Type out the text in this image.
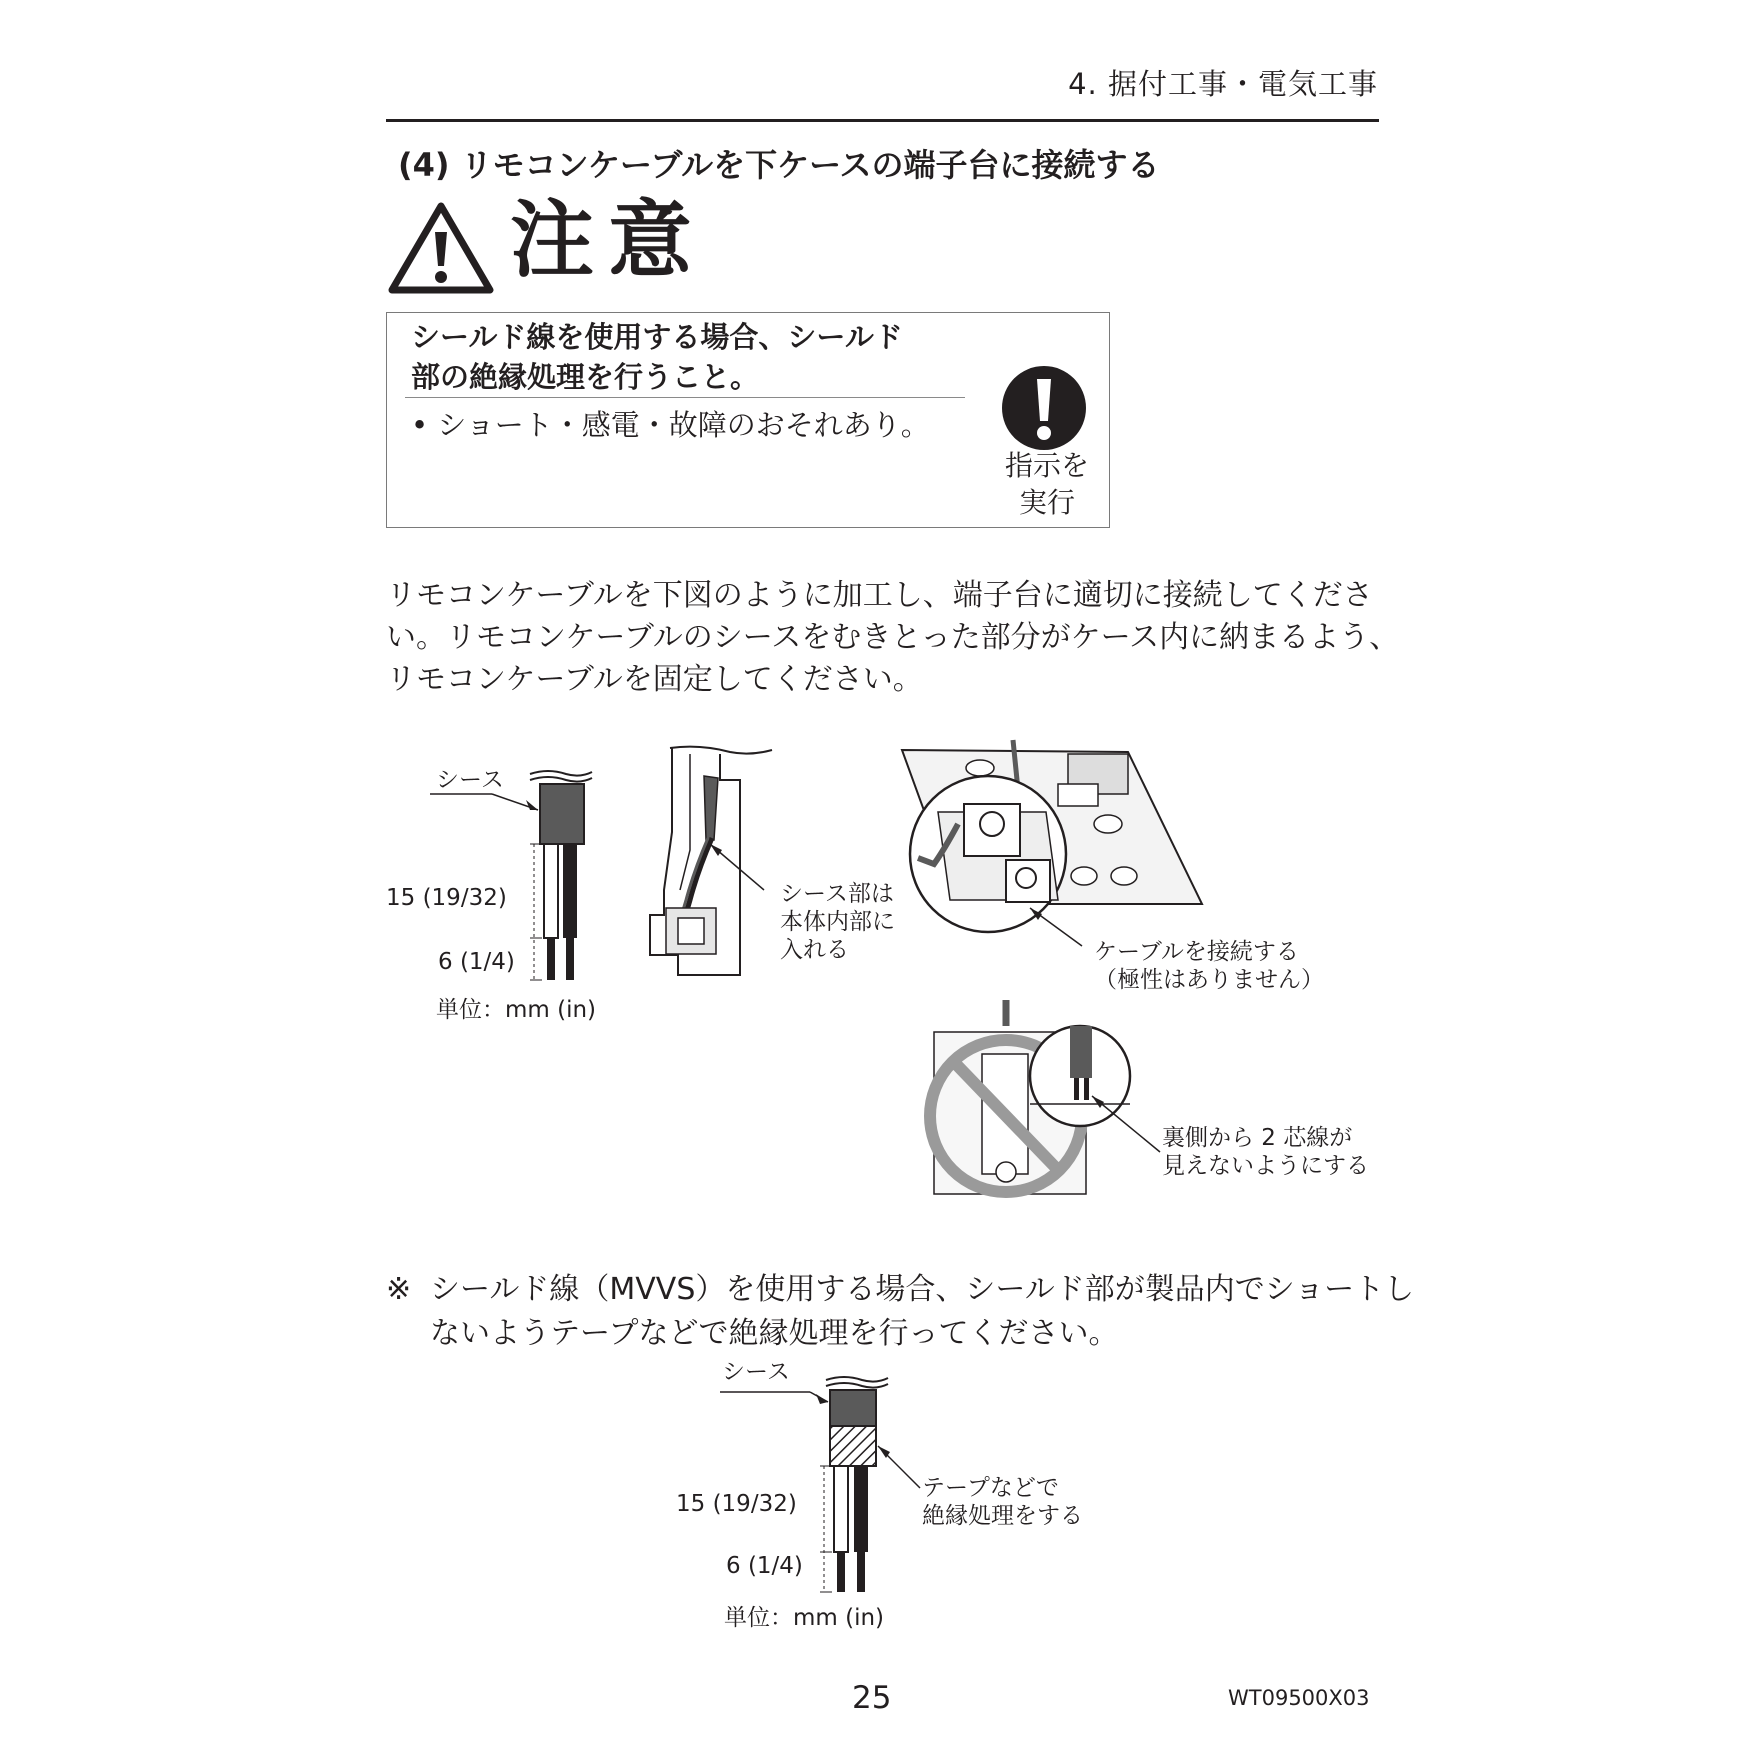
4. 据付工事・電気工事
(4) リモコンケーブルを下ケースの端子台に接続する
注意
シールド線を使用する場合、シールド
部の絶縁処理を行うこと。
• ショート・感電・故障のおそれあり。
指示を
実行
リモコンケーブルを下図のように加工し、端子台に適切に接続してくださ
い。リモコンケーブルのシースをむきとった部分がケース内に納まるよう、
リモコンケーブルを固定してください。
シース
15 (19/32)
6 (1/4)
単位：mm (in)
シース部は
本体内部に
入れる	ケーブルを接続する
（極性はありません）
裏側から 2 芯線が
見えないようにする
※ シールド線（MVVS）を使用する場合、シールド部が製品内でショートし
ないようテープなどで絶縁処理を行ってください。
シース
テープなどで
絶縁処理をする
15 (19/32)
6 (1/4)
単位：mm (in)
25	WT09500X03
